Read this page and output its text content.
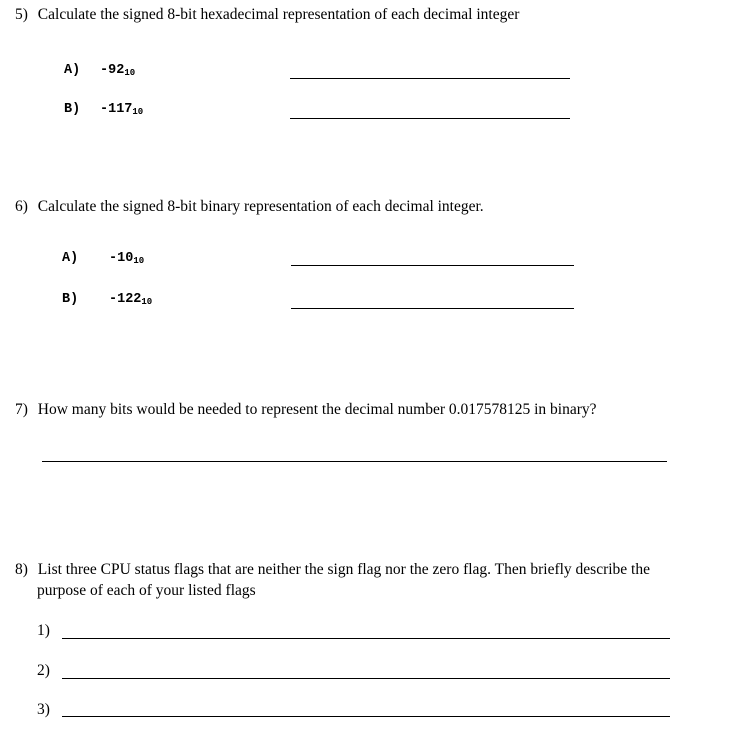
5) Calculate the signed 8-bit hexadecimal representation of each decimal integer
A) $-92_{10}$
B) $-117_{10}$
6) Calculate the signed 8-bit binary representation of each decimal integer.
A) $-10_{10}$
B) $-122_{10}$
7) How many bits would be needed to represent the decimal number 0.017578125 in binary?
8) List three CPU status flags that are neither the sign flag nor the zero flag. Then briefly describe the
purpose of each of your listed flags
1)
2)
3)
